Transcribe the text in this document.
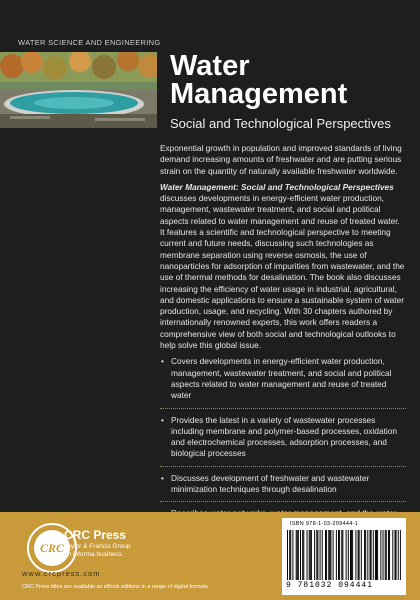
WATER SCIENCE AND ENGINEERING
Water
Management
Social and Technological Perspectives

Exponential growth in population and improved standards of living demand increasing amounts of freshwater and are putting serious strain on the quantity of naturally available freshwater worldwide.

Water Management: Social and Technological Perspectives discusses developments in energy-efficient water production, management, wastewater treatment, and social and political aspects related to water management and reuse of treated water. It features a scientific and technological perspective to meeting current and future needs, discussing such technologies as membrane separation using reverse osmosis, the use of nanoparticles for adsorption of impurities from wastewater, and the use of thermal methods for desalination. The book also discusses increasing the efficiency of water usage in industrial, agricultural, and domestic applications to ensure a sustainable system of water production, usage, and recycling. With 30 chapters authored by internationally renowned experts, this work offers readers a comprehensive view of both social and technological outlooks to help solve this global issue.

• Covers developments in energy-efficient water production, management, wastewater treatment, and social and political aspects related to water management and reuse of treated water
• Provides the latest in a variety of wastewater processes including membrane and polymer-based processes, oxidation and electrochemical processes, adsorption processes, and biological processes
• Discusses development of freshwater and wastewater minimization techniques through desalination
CRC
CRC Press
Taylor & Francis Group
an informa business
www.crcpress.com
CRC Press titles are available as eBook editions in a range of digital formats
ISBN 978-1-03-209444-1
9 781032 094441
